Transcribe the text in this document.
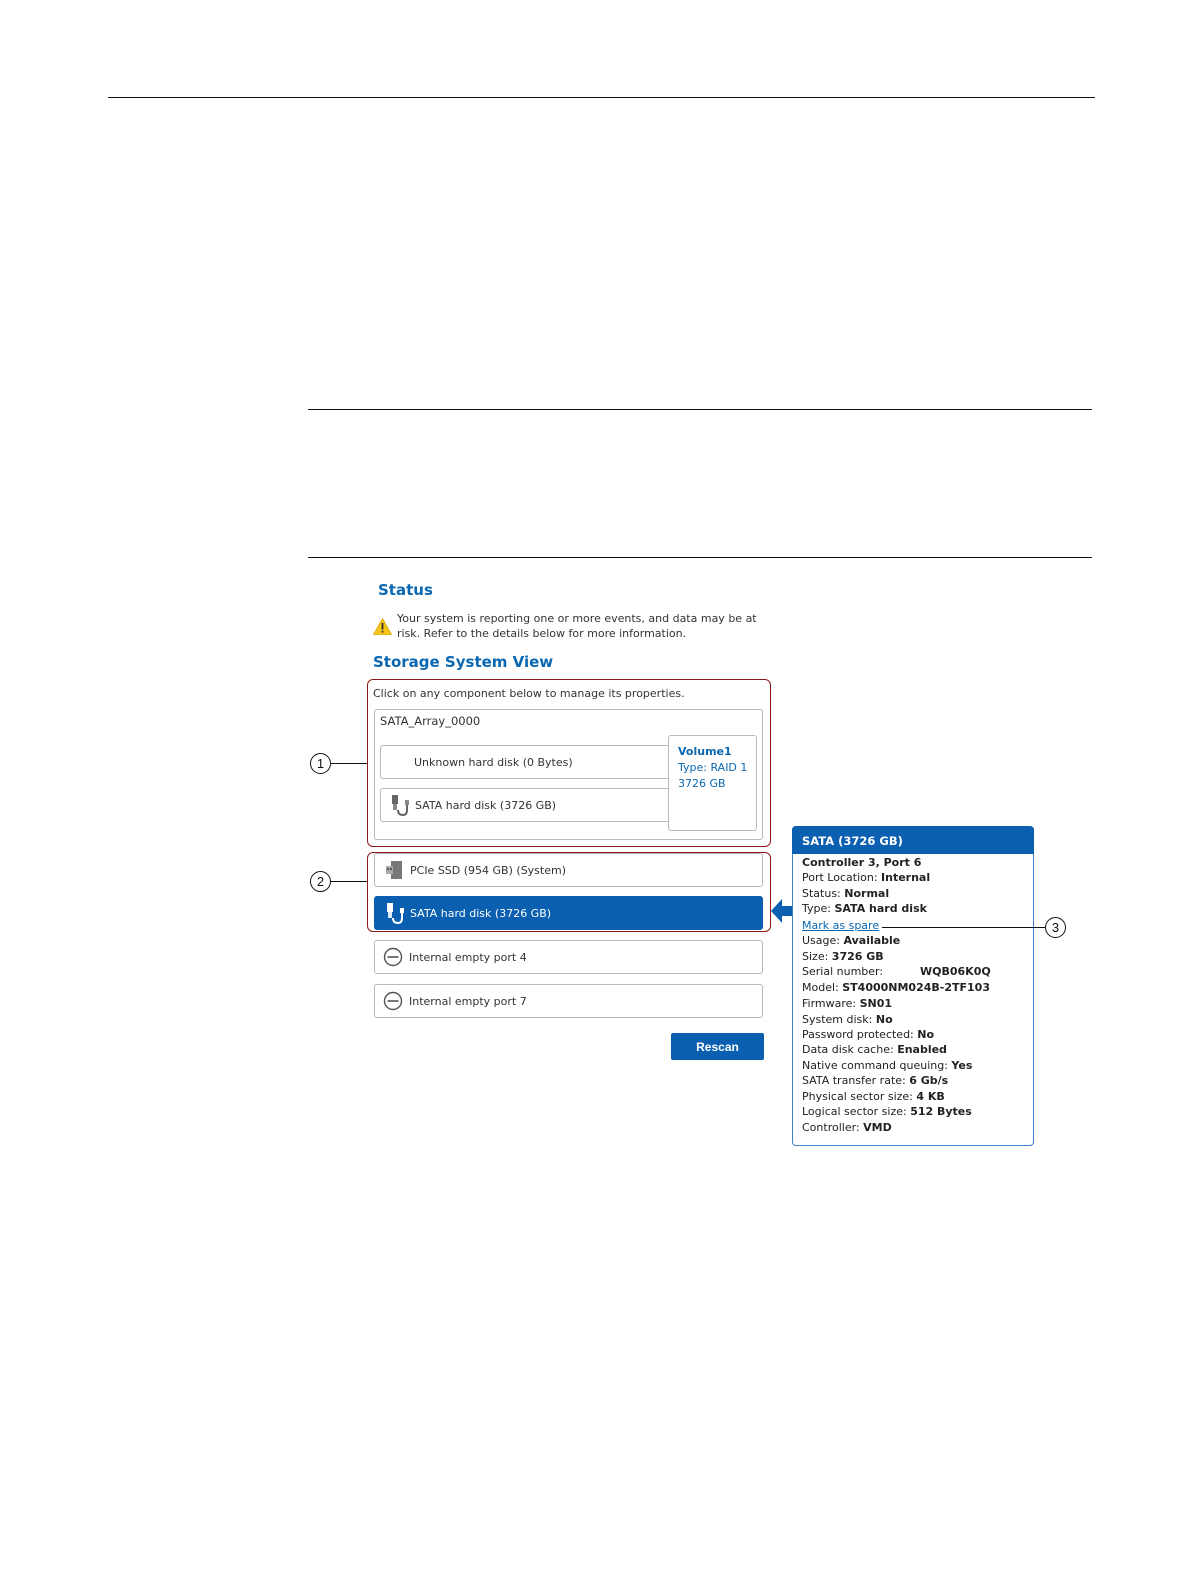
Status
Your system is reporting one or more events, and data may be at risk. Refer to the details below for more information.
Storage System View
Click on any component below to manage its properties.
SATA_Array_0000
Unknown hard disk (0 Bytes)
SATA hard disk (3726 GB)
Volume1
Type: RAID 1
3726 GB
PCIe SSD (954 GB) (System)
SATA hard disk (3726 GB)
Internal empty port 4
Internal empty port 7
Rescan
SATA (3726 GB)
Controller 3, Port 6
Port Location: Internal
Status: Normal
Type: SATA hard disk
Mark as spare
Usage: Available
Size: 3726 GB
Serial number:	WQB06K0Q
Model: ST4000NM024B-2TF103
Firmware: SN01
System disk: No
Password protected: No
Data disk cache: Enabled
Native command queuing: Yes
SATA transfer rate: 6 Gb/s
Physical sector size: 4 KB
Logical sector size: 512 Bytes
Controller: VMD
1
2
3
